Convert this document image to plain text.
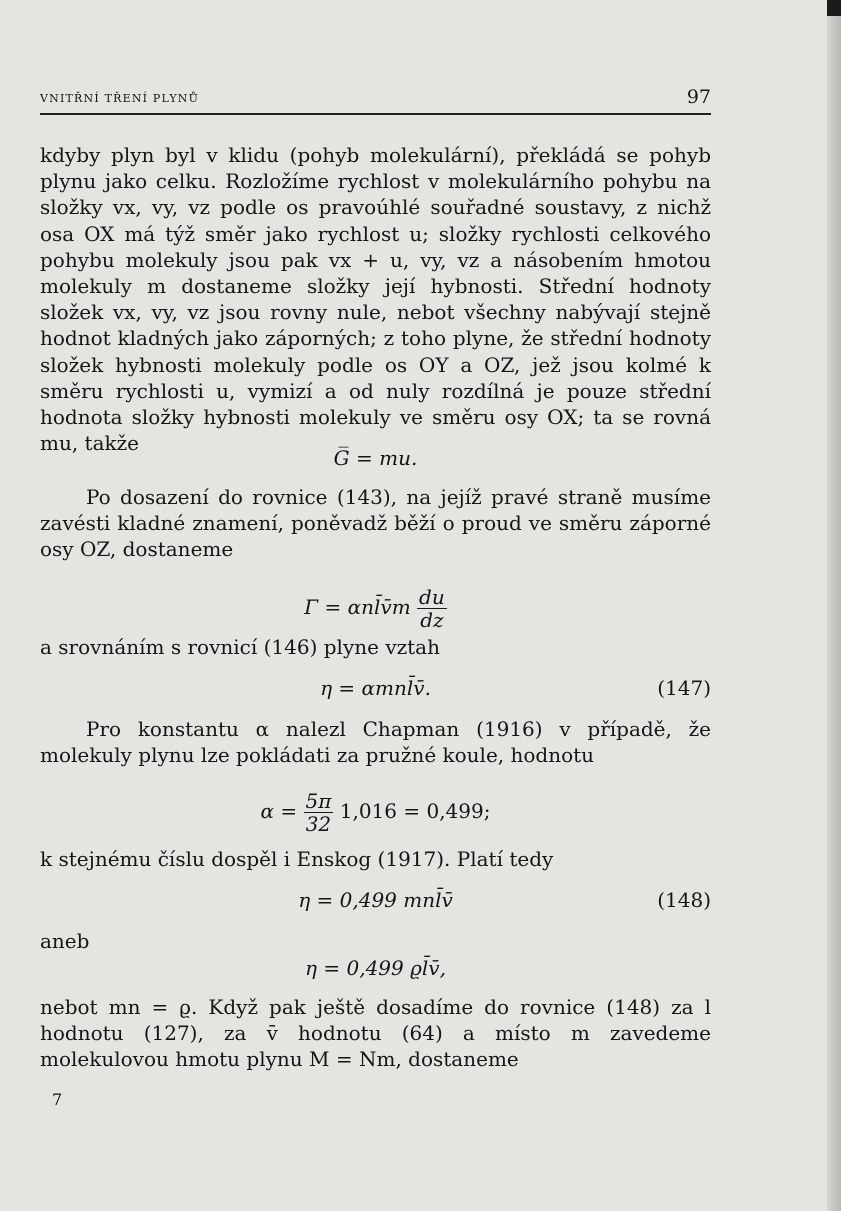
VNITŘNÍ TŘENÍ PLYNŮ	97
kdyby plyn byl v klidu (pohyb molekulární), překládá se pohyb plynu jako celku. Rozložíme rychlost v molekulárního pohybu na složky vx, vy, vz podle os pravoúhlé souřadné soustavy, z nichž osa OX má týž směr jako rychlost u; složky rychlosti celkového pohybu molekuly jsou pak vx + u, vy, vz a násobením hmotou molekuly m dostaneme složky její hybnosti. Střední hodnoty složek vx, vy, vz jsou rovny nule, nebot všechny nabývají stejně hodnot kladných jako záporných; z toho plyne, že střední hodnoty složek hybnosti molekuly podle os OY a OZ, jež jsou kolmé k směru rychlosti u, vymizí a od nuly rozdílná je pouze střední hodnota složky hybnosti molekuly ve směru osy OX; ta se rovná mu, takže
G̅ = mu.
Po dosazení do rovnice (143), na jejíž pravé straně musíme zavésti kladné znamení, poněvadž běží o proud ve směru záporné osy OZ, dostaneme
Γ = αnl̄v̄m $\frac{du}{dz}$
a srovnáním s rovnicí (146) plyne vztah
η = αmnl̄v̄.	(147)
Pro konstantu α nalezl Chapman (1916) v případě, že molekuly plynu lze pokládati za pružné koule, hodnotu
$\alpha = \frac{5\pi}{32} 1,016 = 0,499$;
k stejnému číslu dospěl i Enskog (1917). Platí tedy
η = 0,499 mnl̄v̄	(148)
aneb
η = 0,499 ϱl̄v̄,
nebot mn = ϱ. Když pak ještě dosadíme do rovnice (148) za l hodnotu (127), za v̄ hodnotu (64) a místo m zavedeme molekulovou hmotu plynu M = Nm, dostaneme
7
